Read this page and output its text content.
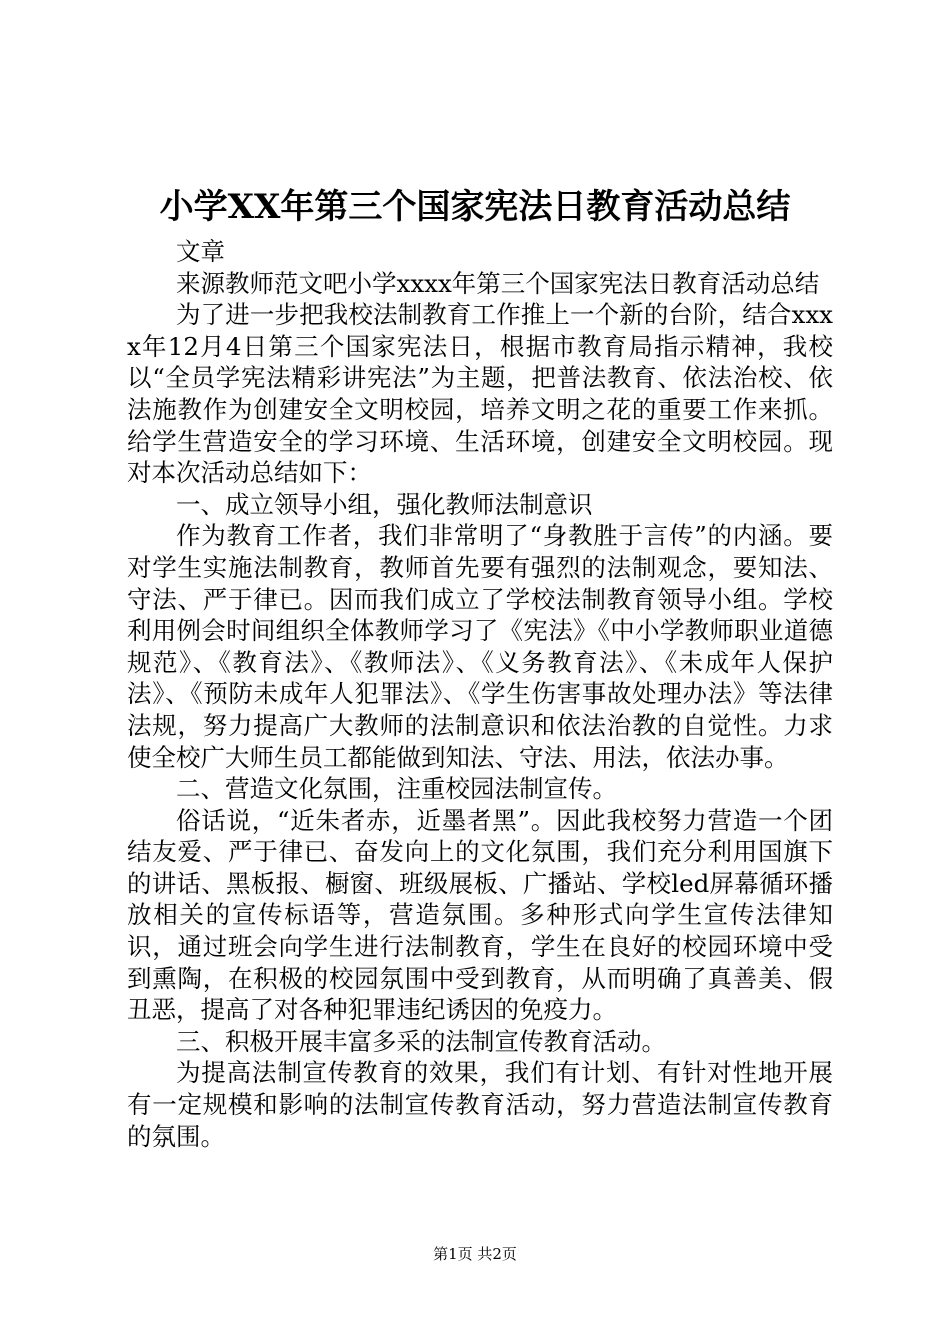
小学XX年第三个国家宪法日教育活动总结

文章

来源教师范文吧小学xxxx年第三个国家宪法日教育活动总结

为了进一步把我校法制教育工作推上一个新的台阶，结合xxxx年12月4日第三个国家宪法日，根据市教育局指示精神，我校以“全员学宪法精彩讲宪法”为主题，把普法教育、依法治校、依法施教作为创建安全文明校园，培养文明之花的重要工作来抓。给学生营造安全的学习环境、生活环境，创建安全文明校园。现对本次活动总结如下：

一、成立领导小组，强化教师法制意识

作为教育工作者，我们非常明了“身教胜于言传”的内涵。要对学生实施法制教育，教师首先要有强烈的法制观念，要知法、守法、严于律已。因而我们成立了学校法制教育领导小组。学校利用例会时间组织全体教师学习了《宪法》《中小学教师职业道德规范》、《教育法》、《教师法》、《义务教育法》、《未成年人保护法》、《预防未成年人犯罪法》、《学生伤害事故处理办法》等法律法规，努力提高广大教师的法制意识和依法治教的自觉性。力求使全校广大师生员工都能做到知法、守法、用法，依法办事。

二、营造文化氛围，注重校园法制宣传。

俗话说，“近朱者赤，近墨者黑”。因此我校努力营造一个团结友爱、严于律已、奋发向上的文化氛围，我们充分利用国旗下的讲话、黑板报、橱窗、班级展板、广播站、学校led屏幕循环播放相关的宣传标语等，营造氛围。多种形式向学生宣传法律知识，通过班会向学生进行法制教育，学生在良好的校园环境中受到熏陶，在积极的校园氛围中受到教育，从而明确了真善美、假丑恶，提高了对各种犯罪违纪诱因的免疫力。

三、积极开展丰富多采的法制宣传教育活动。

为提高法制宣传教育的效果，我们有计划、有针对性地开展有一定规模和影响的法制宣传教育活动，努力营造法制宣传教育的氛围。

第1页 共2页
